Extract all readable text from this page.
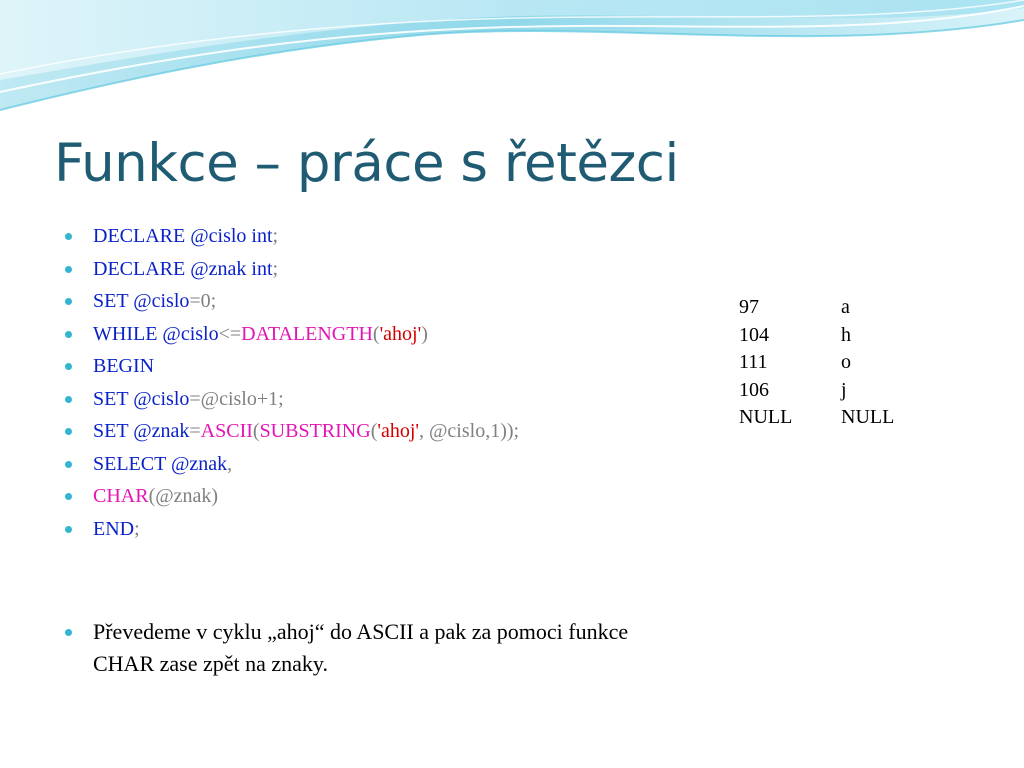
Funkce – práce s řetězci
DECLARE @cislo int;
DECLARE @znak int;
SET @cislo=0;
WHILE @cislo<=DATALENGTH('ahoj')
BEGIN
SET @cislo=@cislo+1;
SET @znak=ASCII(SUBSTRING('ahoj', @cislo,1));
SELECT @znak,
CHAR(@znak)
END;
97	a
104	h
111	o
106	j
NULL	NULL
Převedeme v cyklu „ahoj“ do ASCII a pak za pomoci funkce CHAR zase zpět na znaky.
